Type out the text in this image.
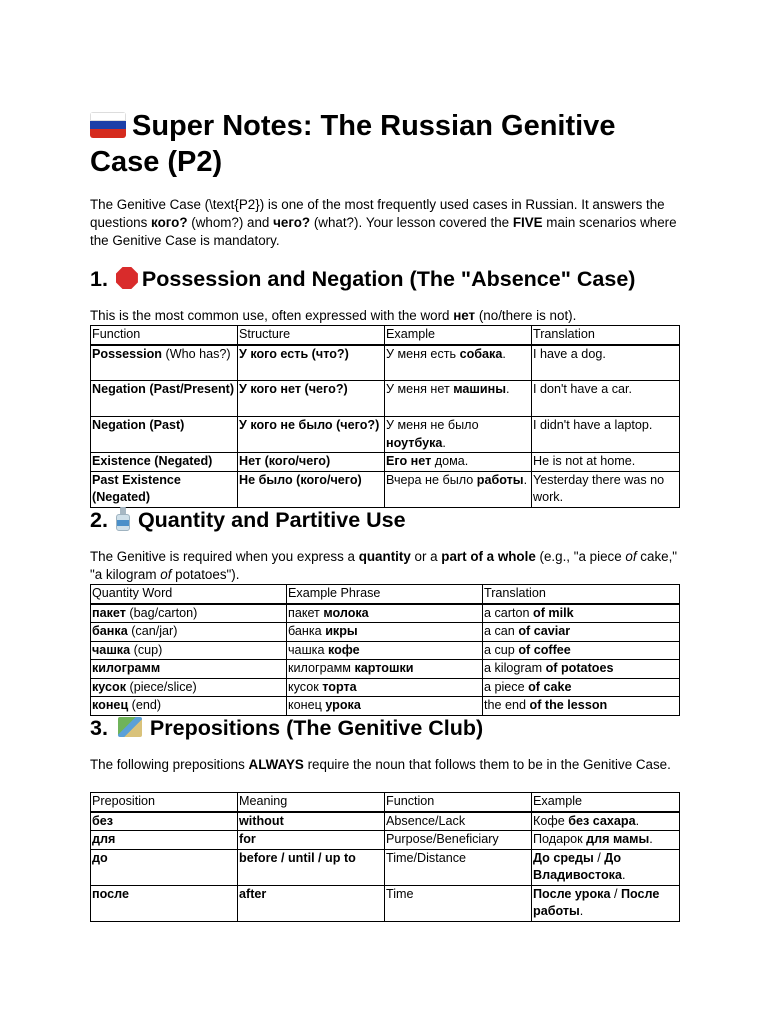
Super Notes: The Russian Genitive Case (P2)

The Genitive Case (\text{P2}) is one of the most frequently used cases in Russian. It answers the questions кого? (whom?) and чего? (what?). Your lesson covered the FIVE main scenarios where the Genitive Case is mandatory.

1. Possession and Negation (The "Absence" Case)

This is the most common use, often expressed with the word нет (no/there is not).

Function	Structure	Example	Translation
Possession (Who has?)	У кого есть (что?)	У меня есть собака.	I have a dog.
Negation (Past/Present)	У кого нет (чего?)	У меня нет машины.	I don't have a car.
Negation (Past)	У кого не было (чего?)	У меня не было ноутбука.	I didn't have a laptop.
Existence (Negated)	Нет (кого/чего)	Его нет дома.	He is not at home.
Past Existence (Negated)	Не было (кого/чего)	Вчера не было работы.	Yesterday there was no work.
2. Quantity and Partitive Use

The Genitive is required when you express a quantity or a part of a whole (e.g., "a piece of cake," "a kilogram of potatoes").

Quantity Word	Example Phrase	Translation
пакет (bag/carton)	пакет молока	a carton of milk
банка (can/jar)	банка икры	a can of caviar
чашка (cup)	чашка кофе	a cup of coffee
килограмм	килограмм картошки	a kilogram of potatoes
кусок (piece/slice)	кусок торта	a piece of cake
конец (end)	конец урока	the end of the lesson
3. Prepositions (The Genitive Club)

The following prepositions ALWAYS require the noun that follows them to be in the Genitive Case.

Preposition	Meaning	Function	Example
без	without	Absence/Lack	Кофе без сахара.
для	for	Purpose/Beneficiary	Подарок для мамы.
до	before / until / up to	Time/Distance	До среды / До Владивостока.
после	after	Time	После урока / После работы.
